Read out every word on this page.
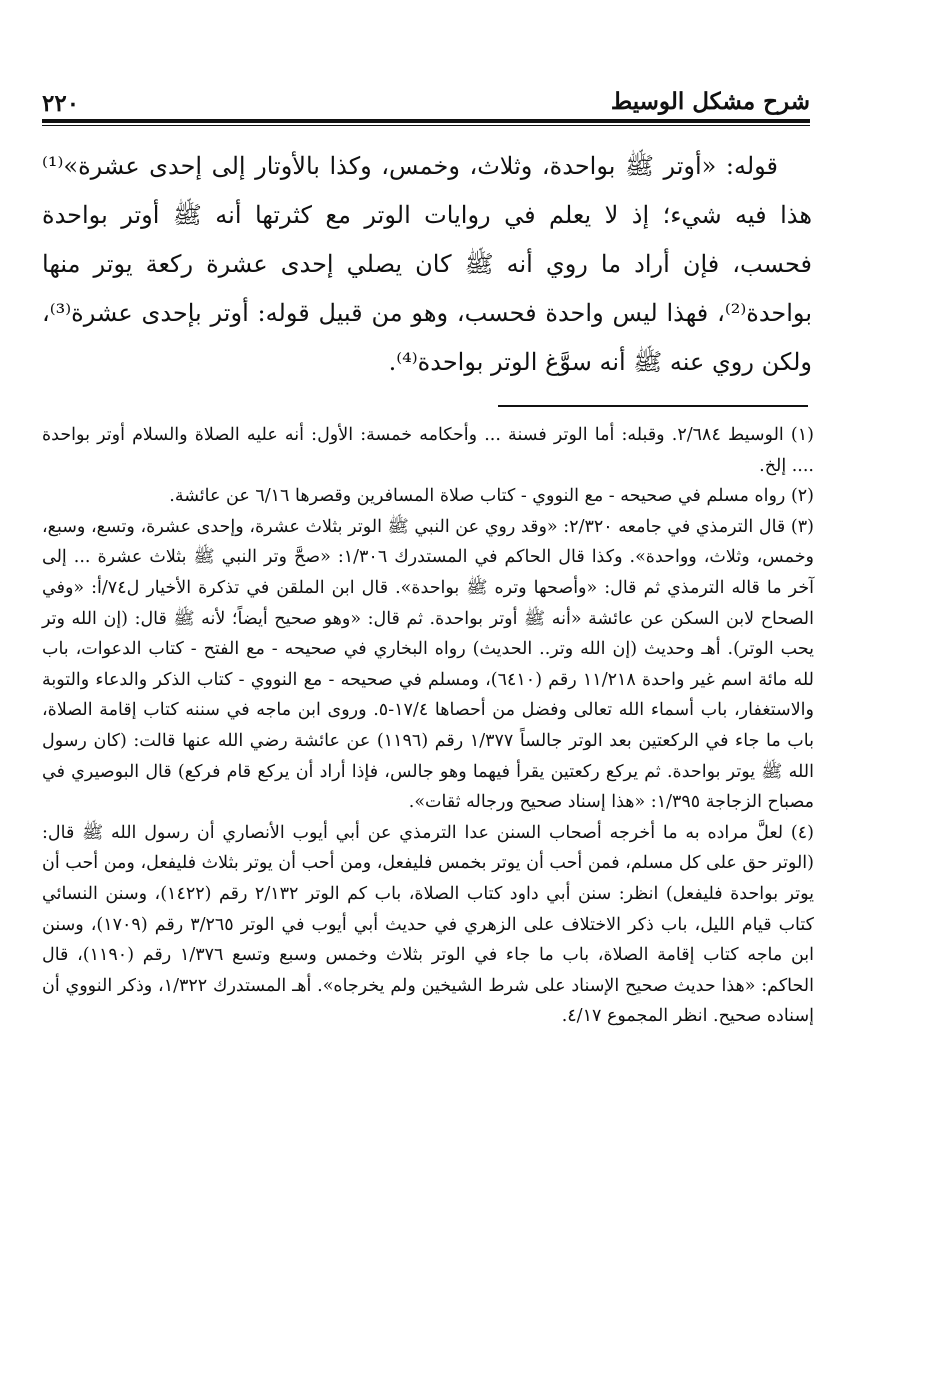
شرح مشكل الوسيط
٢٢٠

قوله: «أوتر ﷺ بواحدة، وثلاث، وخمس، وكذا بالأوتار إلى إحدى عشرة»⁽¹⁾ هذا فيه شيء؛ إذ لا يعلم في روايات الوتر مع كثرتها أنه ﷺ أوتر بواحدة فحسب، فإن أراد ما روي أنه ﷺ كان يصلي إحدى عشرة ركعة يوتر منها بواحدة⁽²⁾، فهذا ليس واحدة فحسب، وهو من قبيل قوله: أوتر بإحدى عشرة⁽³⁾، ولكن روي عنه ﷺ أنه سوَّغ الوتر بواحدة⁽⁴⁾.

(١) الوسيط ٢/٦٨٤. وقبله: أما الوتر فسنة ... وأحكامه خمسة: الأول: أنه عليه الصلاة والسلام أوتر بواحدة .... إلخ.

(٢) رواه مسلم في صحيحه - مع النووي - كتاب صلاة المسافرين وقصرها ٦/١٦ عن عائشة.

(٣) قال الترمذي في جامعه ٢/٣٢٠: «وقد روي عن النبي ﷺ الوتر بثلاث عشرة، وإحدى عشرة، وتسع، وسبع، وخمس، وثلاث، وواحدة». وكذا قال الحاكم في المستدرك ١/٣٠٦: «صحَّ وتر النبي ﷺ بثلاث عشرة ... إلى آخر ما قاله الترمذي ثم قال: «وأصحها وتره ﷺ بواحدة». قال ابن الملقن في تذكرة الأخيار ل٧٤/أ: «وفي الصحاح لابن السكن عن عائشة «أنه ﷺ أوتر بواحدة. ثم قال: «وهو صحيح أيضاً؛ لأنه ﷺ قال: (إن الله وتر يحب الوتر). أهـ وحديث (إن الله وتر.. الحديث) رواه البخاري في صحيحه - مع الفتح - كتاب الدعوات، باب لله مائة اسم غير واحدة ١١/٢١٨ رقم (٦٤١٠)، ومسلم في صحيحه - مع النووي - كتاب الذكر والدعاء والتوبة والاستغفار، باب أسماء الله تعالى وفضل من أحصاها ١٧/٤-٥. وروى ابن ماجه في سننه كتاب إقامة الصلاة، باب ما جاء في الركعتين بعد الوتر جالساً ١/٣٧٧ رقم (١١٩٦) عن عائشة رضي الله عنها قالت: (كان رسول الله ﷺ يوتر بواحدة. ثم يركع ركعتين يقرأ فيهما وهو جالس، فإذا أراد أن يركع قام فركع) قال البوصيري في مصباح الزجاجة ١/٣٩٥: «هذا إسناد صحيح ورجاله ثقات».

(٤) لعلَّ مراده به ما أخرجه أصحاب السنن عدا الترمذي عن أبي أيوب الأنصاري أن رسول الله ﷺ قال: (الوتر حق على كل مسلم، فمن أحب أن يوتر بخمس فليفعل، ومن أحب أن يوتر بثلاث فليفعل، ومن أحب أن يوتر بواحدة فليفعل) انظر: سنن أبي داود كتاب الصلاة، باب كم الوتر ٢/١٣٢ رقم (١٤٢٢)، وسنن النسائي كتاب قيام الليل، باب ذكر الاختلاف على الزهري في حديث أبي أيوب في الوتر ٣/٢٦٥ رقم (١٧٠٩)، وسنن ابن ماجه كتاب إقامة الصلاة، باب ما جاء في الوتر بثلاث وخمس وسبع وتسع ١/٣٧٦ رقم (١١٩٠)، قال الحاكم: «هذا حديث صحيح الإسناد على شرط الشيخين ولم يخرجاه». أهـ المستدرك ١/٣٢٢، وذكر النووي أن إسناده صحيح. انظر المجموع ٤/١٧.
